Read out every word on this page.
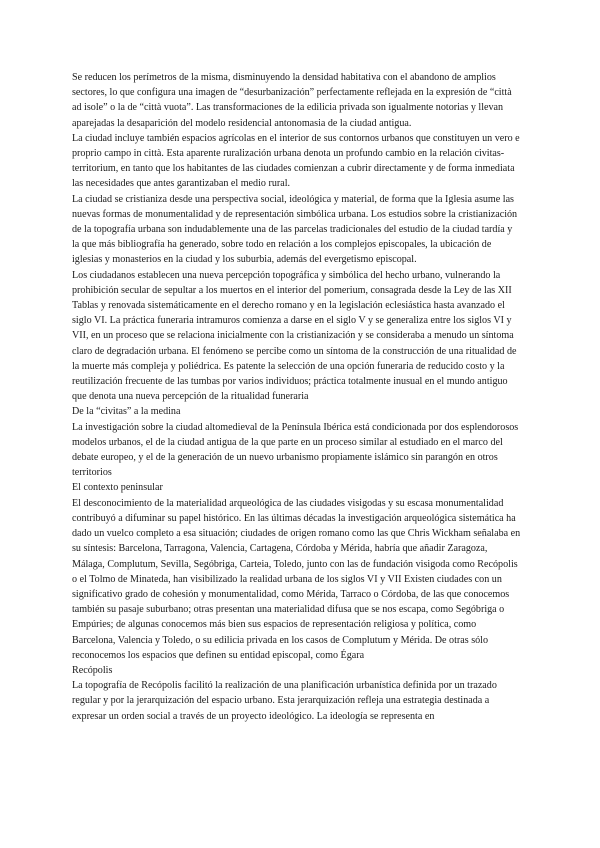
Se reducen los perímetros de la misma, disminuyendo la densidad habitativa con el abandono de amplios sectores, lo que configura una imagen de “desurbanización” perfectamente reflejada en la expresión de “città ad isole” o la de “città vuota”. Las transformaciones de la edilicia privada son igualmente notorias y llevan aparejadas la desaparición del modelo residencial antonomasia de la ciudad antigua.

La ciudad incluye también espacios agrícolas en el interior de sus contornos urbanos que constituyen un vero e proprio campo in città. Esta aparente ruralización urbana denota un profundo cambio en la relación civitas-territorium, en tanto que los habitantes de las ciudades comienzan a cubrir directamente y de forma inmediata las necesidades que antes garantizaban el medio rural.

La ciudad se cristianiza desde una perspectiva social, ideológica y material, de forma que la Iglesia asume las nuevas formas de monumentalidad y de representación simbólica urbana. Los estudios sobre la cristianización de la topografía urbana son indudablemente una de las parcelas tradicionales del estudio de la ciudad tardía y la que más bibliografía ha generado, sobre todo en relación a los complejos episcopales, la ubicación de iglesias y monasterios en la ciudad y los suburbia, además del evergetismo episcopal.

Los ciudadanos establecen una nueva percepción topográfica y simbólica del hecho urbano, vulnerando la prohibición secular de sepultar a los muertos en el interior del pomerium, consagrada desde la Ley de las XII Tablas y renovada sistemáticamente en el derecho romano y en la legislación eclesiástica hasta avanzado el siglo VI. La práctica funeraria intramuros comienza a darse en el siglo V y se generaliza entre los siglos VI y VII, en un proceso que se relaciona inicialmente con la cristianización y se consideraba a menudo un síntoma claro de degradación urbana. El fenómeno se percibe como un síntoma de la construcción de una ritualidad de la muerte más compleja y poliédrica. Es patente la selección de una opción funeraria de reducido costo y la reutilización frecuente de las tumbas por varios individuos; práctica totalmente inusual en el mundo antiguo que denota una nueva percepción de la ritualidad funeraria

De la “civitas” a la medina

La investigación sobre la ciudad altomedieval de la Península Ibérica está condicionada por dos esplendorosos modelos urbanos, el de la ciudad antigua de la que parte en un proceso similar al estudiado en el marco del debate europeo, y el de la generación de un nuevo urbanismo propiamente islámico sin parangón en otros territorios

El contexto peninsular

El desconocimiento de la materialidad arqueológica de las ciudades visigodas y su escasa monumentalidad contribuyó a difuminar su papel histórico. En las últimas décadas la investigación arqueológica sistemática ha dado un vuelco completo a esa situación; ciudades de origen romano como las que Chris Wickham señalaba en su síntesis: Barcelona, Tarragona, Valencia, Cartagena, Córdoba y Mérida, habría que añadir Zaragoza, Málaga, Complutum, Sevilla, Segóbriga, Carteia, Toledo, junto con las de fundación visigoda como Recópolis o el Tolmo de Minateda, han visibilizado la realidad urbana de los siglos VI y VII Existen ciudades con un significativo grado de cohesión y monumentalidad, como Mérida, Tarraco o Córdoba, de las que conocemos también su pasaje suburbano; otras presentan una materialidad difusa que se nos escapa, como Segóbriga o Empúries; de algunas conocemos más bien sus espacios de representación religiosa y política, como Barcelona, Valencia y Toledo, o su edilicia privada en los casos de Complutum y Mérida. De otras sólo reconocemos los espacios que definen su entidad episcopal, como Égara

Recópolis

La topografía de Recópolis facilitó la realización de una planificación urbanística definida por un trazado regular y por la jerarquización del espacio urbano. Esta jerarquización refleja una estrategia destinada a expresar un orden social a través de un proyecto ideológico. La ideología se representa en
